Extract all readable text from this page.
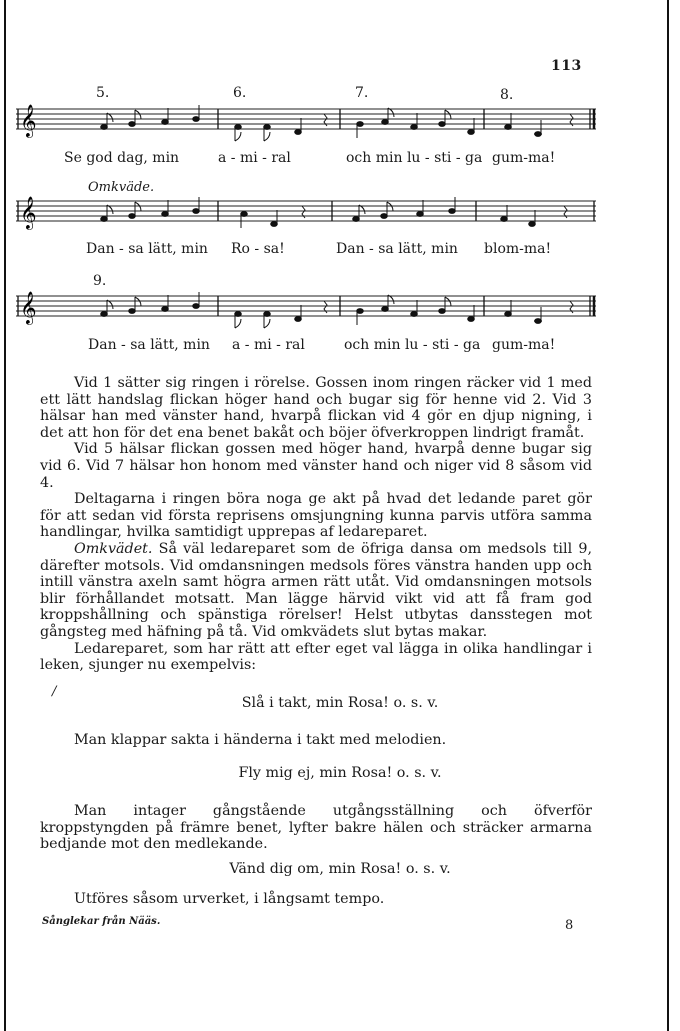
113
5.	6.	7.	8.
𝄞
Se god dag, min	a - mi - ral	och min lu - sti - ga gum-ma!
Omkväde.
𝄞
Dan - sa lätt, min Ro - sa!	Dan - sa lätt, min blom-ma!
9.
𝄞
Dan - sa lätt, min a - mi - ral	och min lu - sti - ga gum-ma!

Vid 1 sätter sig ringen i rörelse. Gossen inom ringen räcker vid 1 med ett lätt handslag flickan höger hand och bugar sig för henne vid 2. Vid 3 hälsar han med vänster hand, hvarpå flickan vid 4 gör en djup nigning, i det att hon för det ena benet bakåt och böjer öfverkroppen lindrigt framåt.

Vid 5 hälsar flickan gossen med höger hand, hvarpå denne bugar sig vid 6. Vid 7 hälsar hon honom med vänster hand och niger vid 8 såsom vid 4.

Deltagarna i ringen böra noga ge akt på hvad det ledande paret gör för att sedan vid första reprisens omsjungning kunna parvis utföra samma handlingar, hvilka samtidigt upprepas af ledareparet.

Omkvädet. Så väl ledareparet som de öfriga dansa om medsols till 9, därefter motsols. Vid omdansningen medsols föres vänstra handen upp och intill vänstra axeln samt högra armen rätt utåt. Vid omdansningen motsols blir förhållandet motsatt. Man lägge härvid vikt vid att få fram god kroppshållning och spänstiga rörelser! Helst utbytas dansstegen mot gångsteg med häfning på tå. Vid omkvädets slut bytas makar.

Ledareparet, som har rätt att efter eget val lägga in olika handlingar i leken, sjunger nu exempelvis:

/
Slå i takt, min Rosa! o. s. v.

Man klappar sakta i händerna i takt med melodien.

Fly mig ej, min Rosa! o. s. v.

Man intager gångstående utgångsställning och öfverför kroppstyngden på främre benet, lyfter bakre hälen och sträcker armarna bedjande mot den medlekande.

Vänd dig om, min Rosa! o. s. v.

Utföres såsom urverket, i långsamt tempo.

Sånglekar från Nääs.	8
